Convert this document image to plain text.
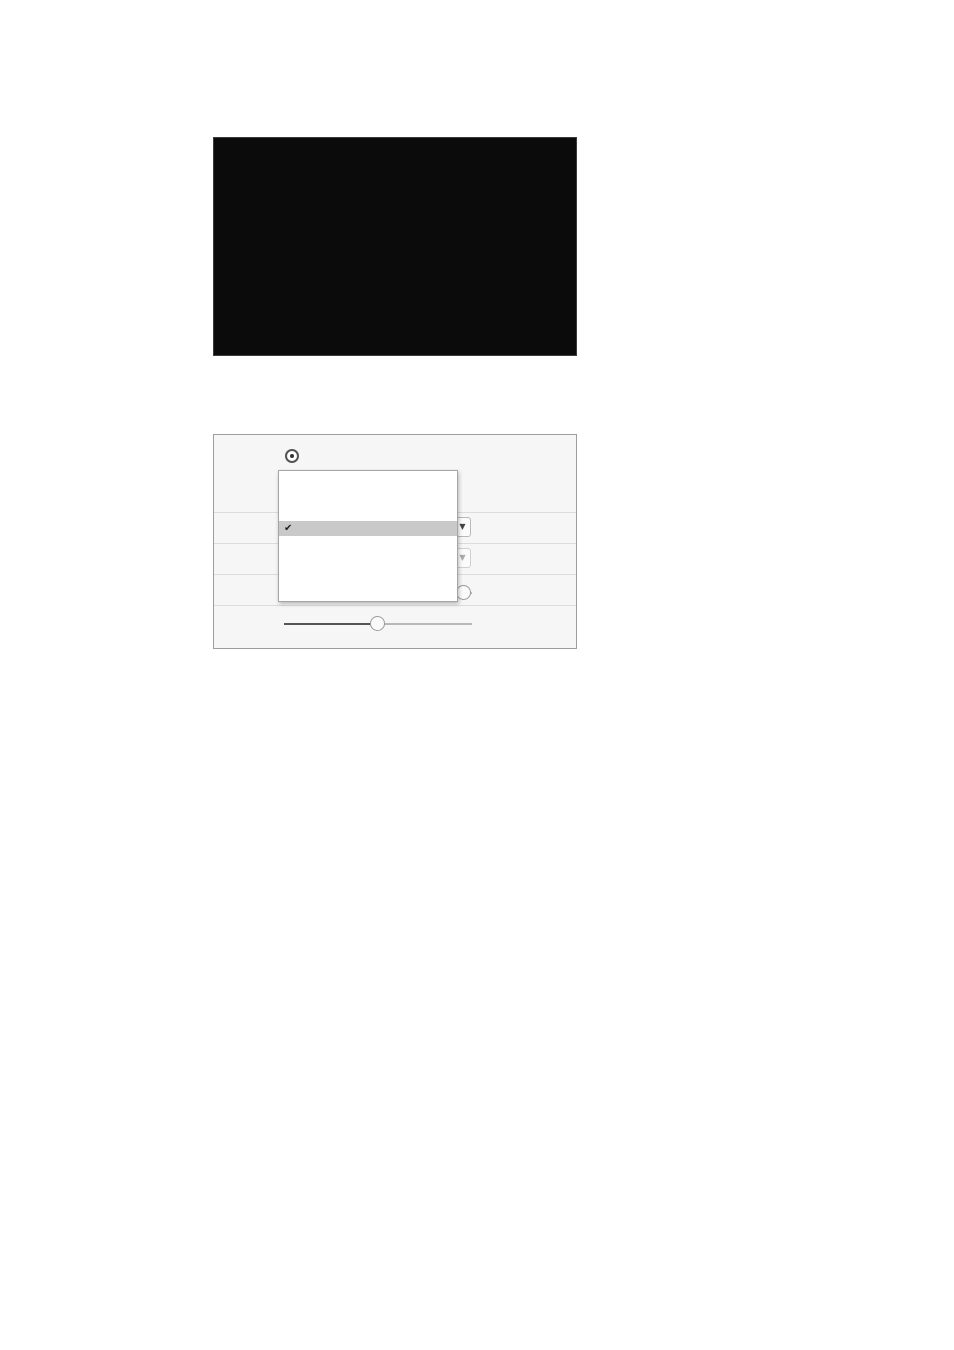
▼
▼
✔
